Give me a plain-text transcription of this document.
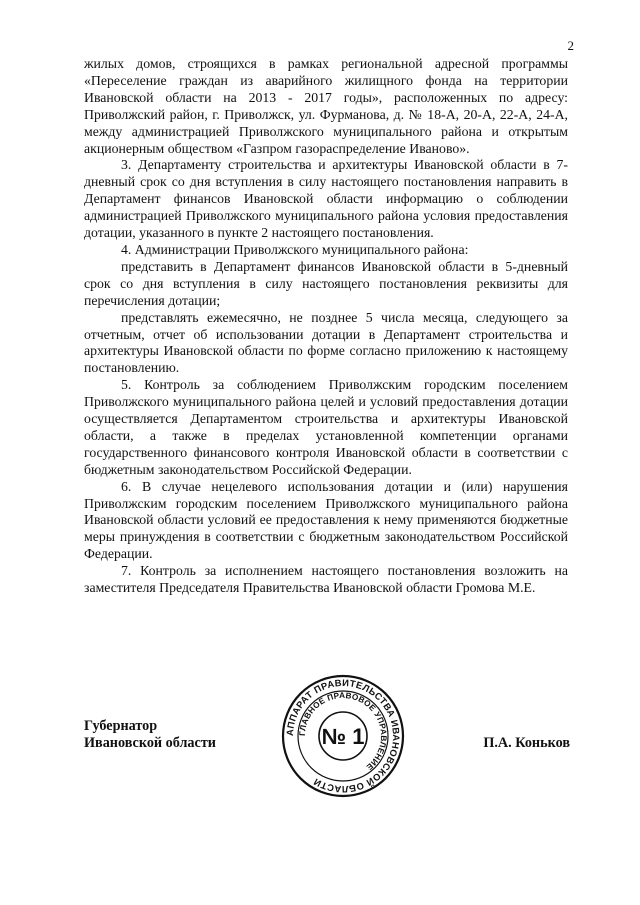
2

жилых домов, строящихся в рамках региональной адресной программы «Переселение граждан из аварийного жилищного фонда на территории Ивановской области на 2013 - 2017 годы», расположенных по адресу: Приволжский район, г. Приволжск, ул. Фурманова, д. № 18-А, 20-А, 22-А, 24-А, между администрацией Приволжского муниципального района и открытым акционерным обществом «Газпром газораспределение Иваново».

3. Департаменту строительства и архитектуры Ивановской области в 7-дневный срок со дня вступления в силу настоящего постановления направить в Департамент финансов Ивановской области информацию о соблюдении администрацией Приволжского муниципального района условия предоставления дотации, указанного в пункте 2 настоящего постановления.

4. Администрации Приволжского муниципального района:

представить в Департамент финансов Ивановской области в 5-дневный срок со дня вступления в силу настоящего постановления реквизиты для перечисления дотации;

представлять ежемесячно, не позднее 5 числа месяца, следующего за отчетным, отчет об использовании дотации в Департамент строительства и архитектуры Ивановской области по форме согласно приложению к настоящему постановлению.

5. Контроль за соблюдением Приволжским городским поселением Приволжского муниципального района целей и условий предоставления дотации осуществляется Департаментом строительства и архитектуры Ивановской области, а также в пределах установленной компетенции органами государственного финансового контроля Ивановской области в соответствии с бюджетным законодательством Российской Федерации.

6. В случае нецелевого использования дотации и (или) нарушения Приволжским городским поселением Приволжского муниципального района Ивановской области условий ее предоставления к нему применяются бюджетные меры принуждения в соответствии с бюджетным законодательством Российской Федерации.

7. Контроль за исполнением настоящего постановления возложить на заместителя Председателя Правительства Ивановской области Громова М.Е.

Губернатор
Ивановской области
АППАРАТ ПРАВИТЕЛЬСТВА ИВАНОВСКОЙ ОБЛАСТИ
ГЛАВНОЕ ПРАВОВОЕ УПРАВЛЕНИЕ
№ 1	П.А. Коньков
